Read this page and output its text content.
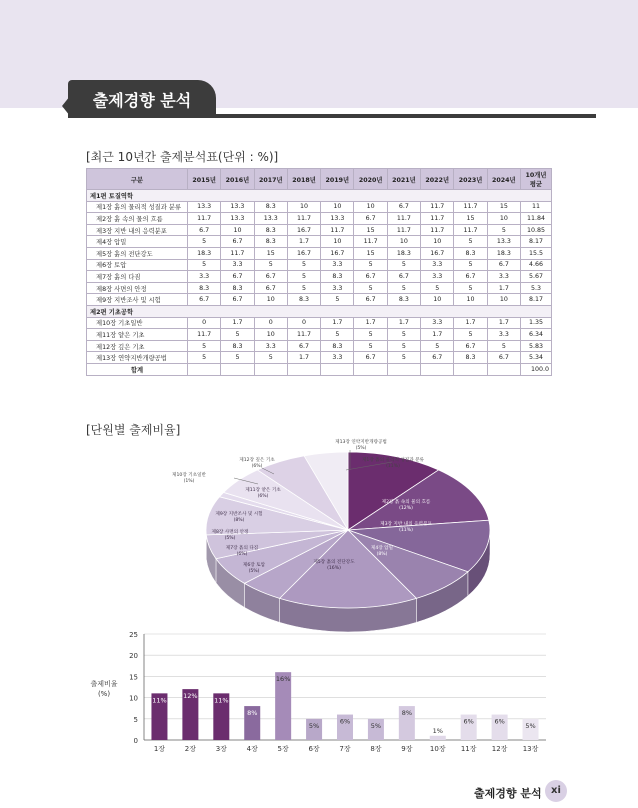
출제경향 분석
[최근 10년간 출제분석표(단위 : %)]
구분	2015년	2016년	2017년	2018년	2019년	2020년	2021년	2022년	2023년	2024년	10개년 평균
제1편 토질역학											
제1장 흙의 물리적 성질과 분류	13.3	13.3	8.3	10	10	10	6.7	11.7	11.7	15	11
제2장 흙 속의 물의 흐름	11.7	13.3	13.3	11.7	13.3	6.7	11.7	11.7	15	10	11.84
제3장 지반 내의 응력분포	6.7	10	8.3	16.7	11.7	15	11.7	11.7	11.7	5	10.85
제4장 압밀	5	6.7	8.3	1.7	10	11.7	10	10	5	13.3	8.17
제5장 흙의 전단강도	18.3	11.7	15	16.7	16.7	15	18.3	16.7	8.3	18.3	15.5
제6장 토압	5	3.3	5	5	3.3	5	5	3.3	5	6.7	4.66
제7장 흙의 다짐	3.3	6.7	6.7	5	8.3	6.7	6.7	3.3	6.7	3.3	5.67
제8장 사면의 안정	8.3	8.3	6.7	5	3.3	5	5	5	5	1.7	5.3
제9장 지반조사 및 시험	6.7	6.7	10	8.3	5	6.7	8.3	10	10	10	8.17
제2편 기초공학											
제10장 기초일반	0	1.7	0	0	1.7	1.7	1.7	3.3	1.7	1.7	1.35
제11장 얕은 기초	11.7	5	10	11.7	5	5	5	1.7	5	3.3	6.34
제12장 깊은 기초	5	8.3	3.3	6.7	8.3	5	5	5	6.7	5	5.83
제13장 연약지반개량공법	5	5	5	1.7	3.3	6.7	5	6.7	8.3	6.7	5.34
합계											100.0
[단원별 출제비율]
제13장 연약지반개량공법
(5%)
제1장 흙의 물리적 성질과 분류
(11%)
제2장 흙 속의 물의 흐름
(12%)
제3장 지반 내의 응력분포
(11%)
제4장 압밀
(8%)
제5장 흙의 전단강도
(16%)
제6장 토압
(5%)
제7장 흙의 다짐
(6%)
제8장 사면의 안정
(5%)
제9장 지반조사 및 시험
(8%)
제10장 기초일반
(1%)
제11장 얕은 기초
(6%)
제12장 깊은 기초
(6%)
0
5
10
15
20
25
출제비율
(%)
11%
1장
12%
2장
11%
3장
8%
4장
16%
5장
5%
6장
6%
7장
5%
8장
8%
9장
1%
10장
6%
11장
6%
12장
5%
13장
출제경향 분석 xi
